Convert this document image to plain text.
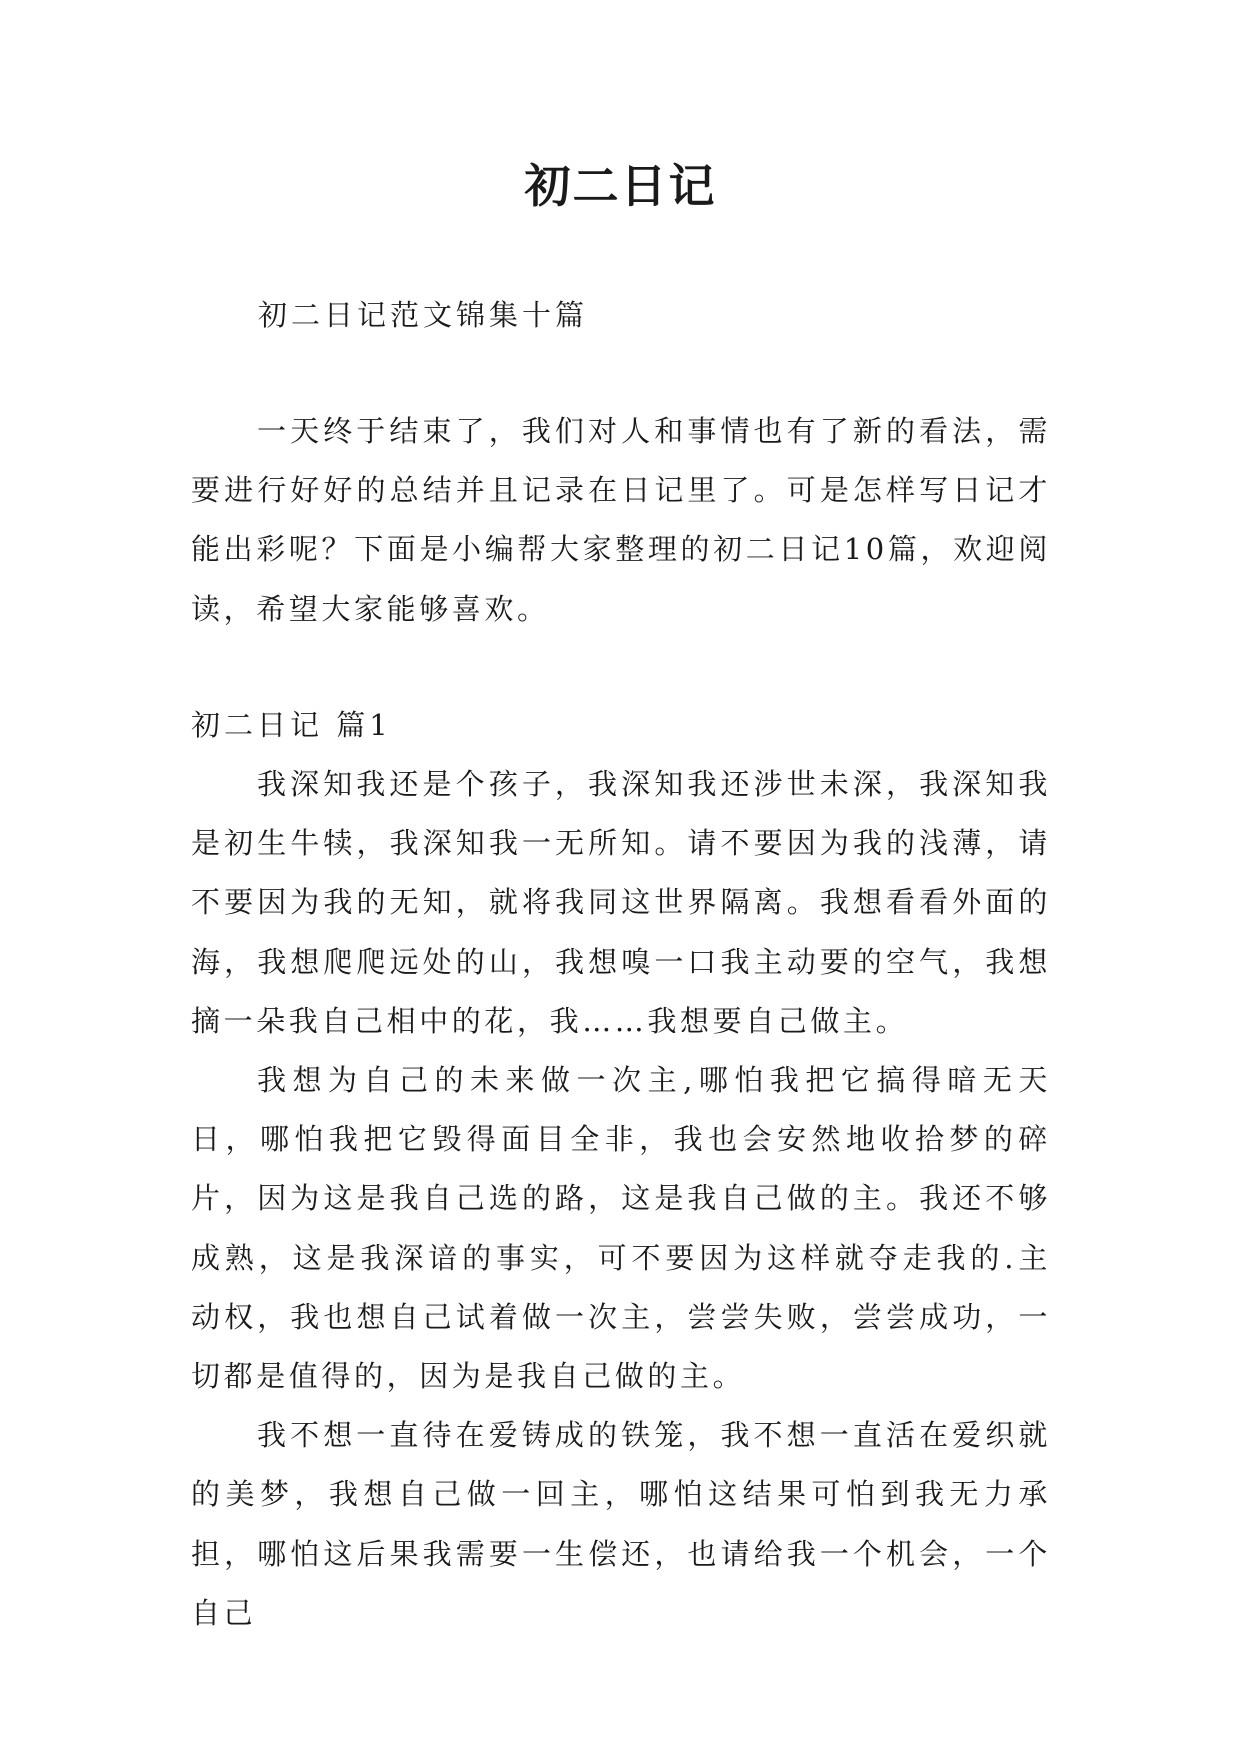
初二日记
初二日记范文锦集十篇

一天终于结束了，我们对人和事情也有了新的看法，需要进行好好的总结并且记录在日记里了。可是怎样写日记才能出彩呢？下面是小编帮大家整理的初二日记10篇，欢迎阅读，希望大家能够喜欢。

初二日记 篇1

我深知我还是个孩子，我深知我还涉世未深，我深知我是初生牛犊，我深知我一无所知。请不要因为我的浅薄，请不要因为我的无知，就将我同这世界隔离。我想看看外面的海，我想爬爬远处的山，我想嗅一口我主动要的空气，我想摘一朵我自己相中的花，我……我想要自己做主。

我想为自己的未来做一次主,哪怕我把它搞得暗无天日，哪怕我把它毁得面目全非，我也会安然地收拾梦的碎片，因为这是我自己选的路，这是我自己做的主。我还不够成熟，这是我深谙的事实，可不要因为这样就夺走我的.主动权，我也想自己试着做一次主，尝尝失败，尝尝成功，一切都是值得的，因为是我自己做的主。

我不想一直待在爱铸成的铁笼，我不想一直活在爱织就的美梦，我想自己做一回主，哪怕这结果可怕到我无力承担，哪怕这后果我需要一生偿还，也请给我一个机会，一个自己
